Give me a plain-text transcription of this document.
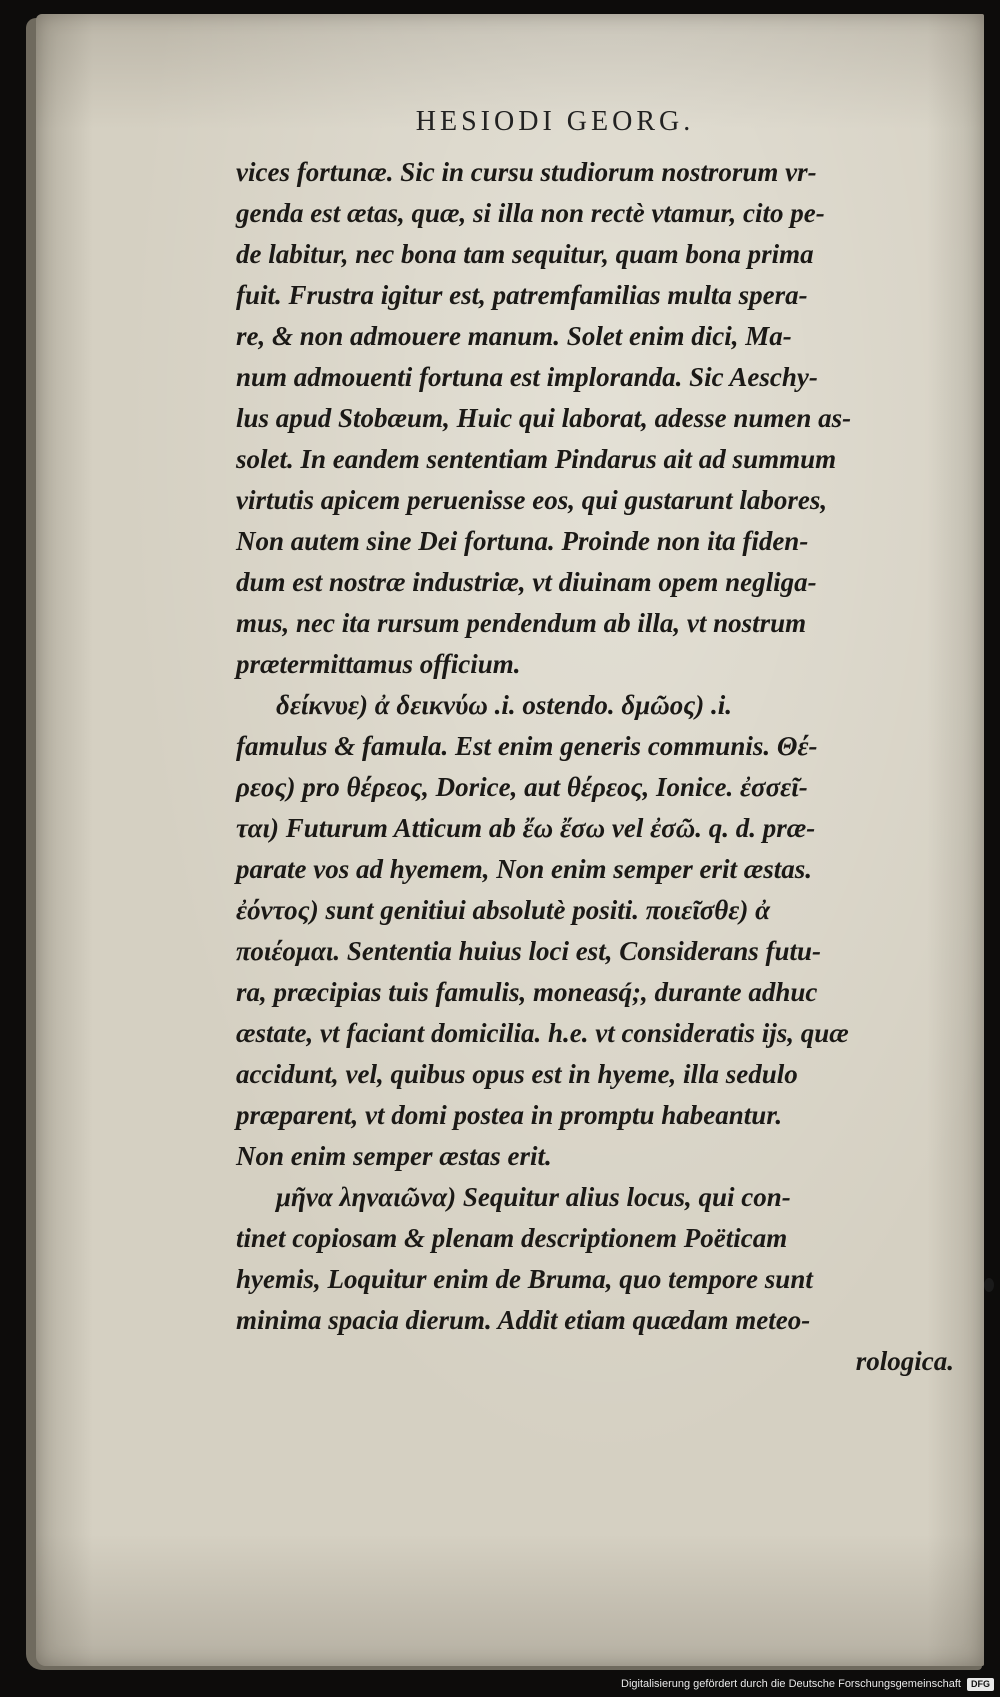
HESIODI GEORG.

vices fortunæ. Sic in cursu studiorum nostrorum vr-
genda est ætas, quæ, si illa non rectè vtamur, cito pe-
de labitur, nec bona tam sequitur, quam bona prima
fuit. Frustra igitur est, patremfamilias multa spera-
re, & non admouere manum. Solet enim dici, Ma-
num admouenti fortuna est imploranda. Sic Aeschy-
lus apud Stobæum, Huic qui laborat, adesse numen as-
solet. In eandem sententiam Pindarus ait ad summum
virtutis apicem peruenisse eos, qui gustarunt labores,
Non autem sine Dei fortuna. Proinde non ita fiden-
dum est nostræ industriæ, vt diuinam opem negliga-
mus, nec ita rursum pendendum ab illa, vt nostrum
prætermittamus officium.

δείκνυε) ἀ δεικνύω .i. ostendo. δμῶος) .i.
famulus & famula. Est enim generis communis. Θέ-
ρεος) pro θέρεος, Dorice, aut θέρεος, Ionice. ἐσσεῖ-
ται) Futurum Atticum ab ἔω ἔσω vel ἐσῶ. q. d. præ-
parate vos ad hyemem, Non enim semper erit æstas.
ἐόντος) sunt genitiui absolutè positi. ποιεῖσθε) ἀ
ποιέομαι. Sententia huius loci est, Considerans futu-
ra, præcipias tuis famulis, moneasq́;, durante adhuc
æstate, vt faciant domicilia. h.e. vt consideratis ijs, quæ
accidunt, vel, quibus opus est in hyeme, illa sedulo
præparent, vt domi postea in promptu habeantur.
Non enim semper æstas erit.

μῆνα ληναιῶνα) Sequitur alius locus, qui con-
tinet copiosam & plenam descriptionem Poëticam
hyemis, Loquitur enim de Bruma, quo tempore sunt
minima spacia dierum. Addit etiam quædam meteo-

rologica.

Digitalisierung gefördert durch die Deutsche Forschungsgemeinschaft	DFG
